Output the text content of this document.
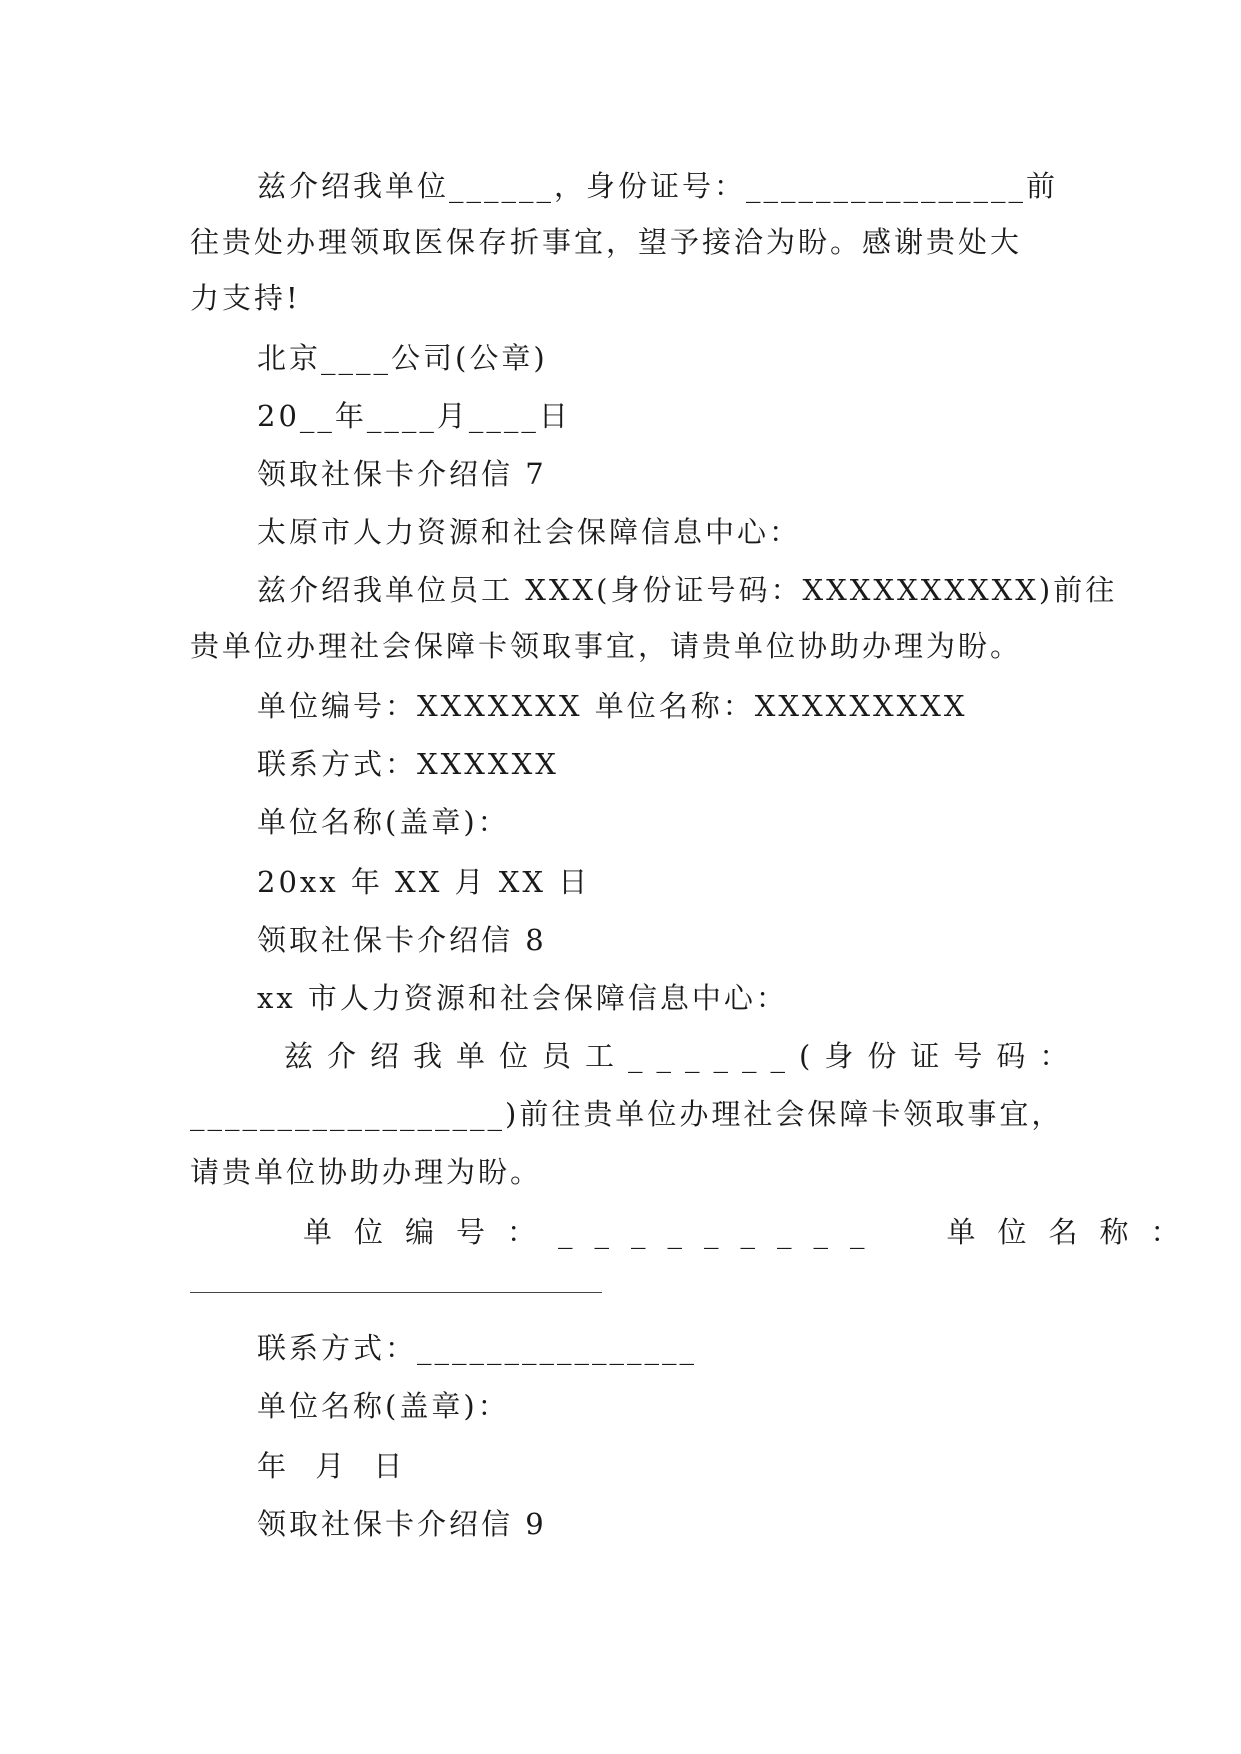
兹介绍我单位______，身份证号：________________前
往贵处办理领取医保存折事宜，望予接洽为盼。感谢贵处大
力支持!
北京____公司(公章)
20__年____月____日
领取社保卡介绍信 7
太原市人力资源和社会保障信息中心：
兹介绍我单位员工 XXX(身份证号码：XXXXXXXXXX)前往
贵单位办理社会保障卡领取事宜，请贵单位协助办理为盼。
单位编号：XXXXXXX 单位名称：XXXXXXXXX
联系方式：XXXXXX
单位名称(盖章)：
20xx 年 XX 月 XX 日
领取社保卡介绍信 8
xx 市人力资源和社会保障信息中心：
兹介绍我单位员工______(身份证号码：
__________________)前往贵单位办理社会保障卡领取事宜，
请贵单位协助办理为盼。
单位编号：_________ 单位名称：
联系方式：________________
单位名称(盖章)：
年 月 日
领取社保卡介绍信 9
